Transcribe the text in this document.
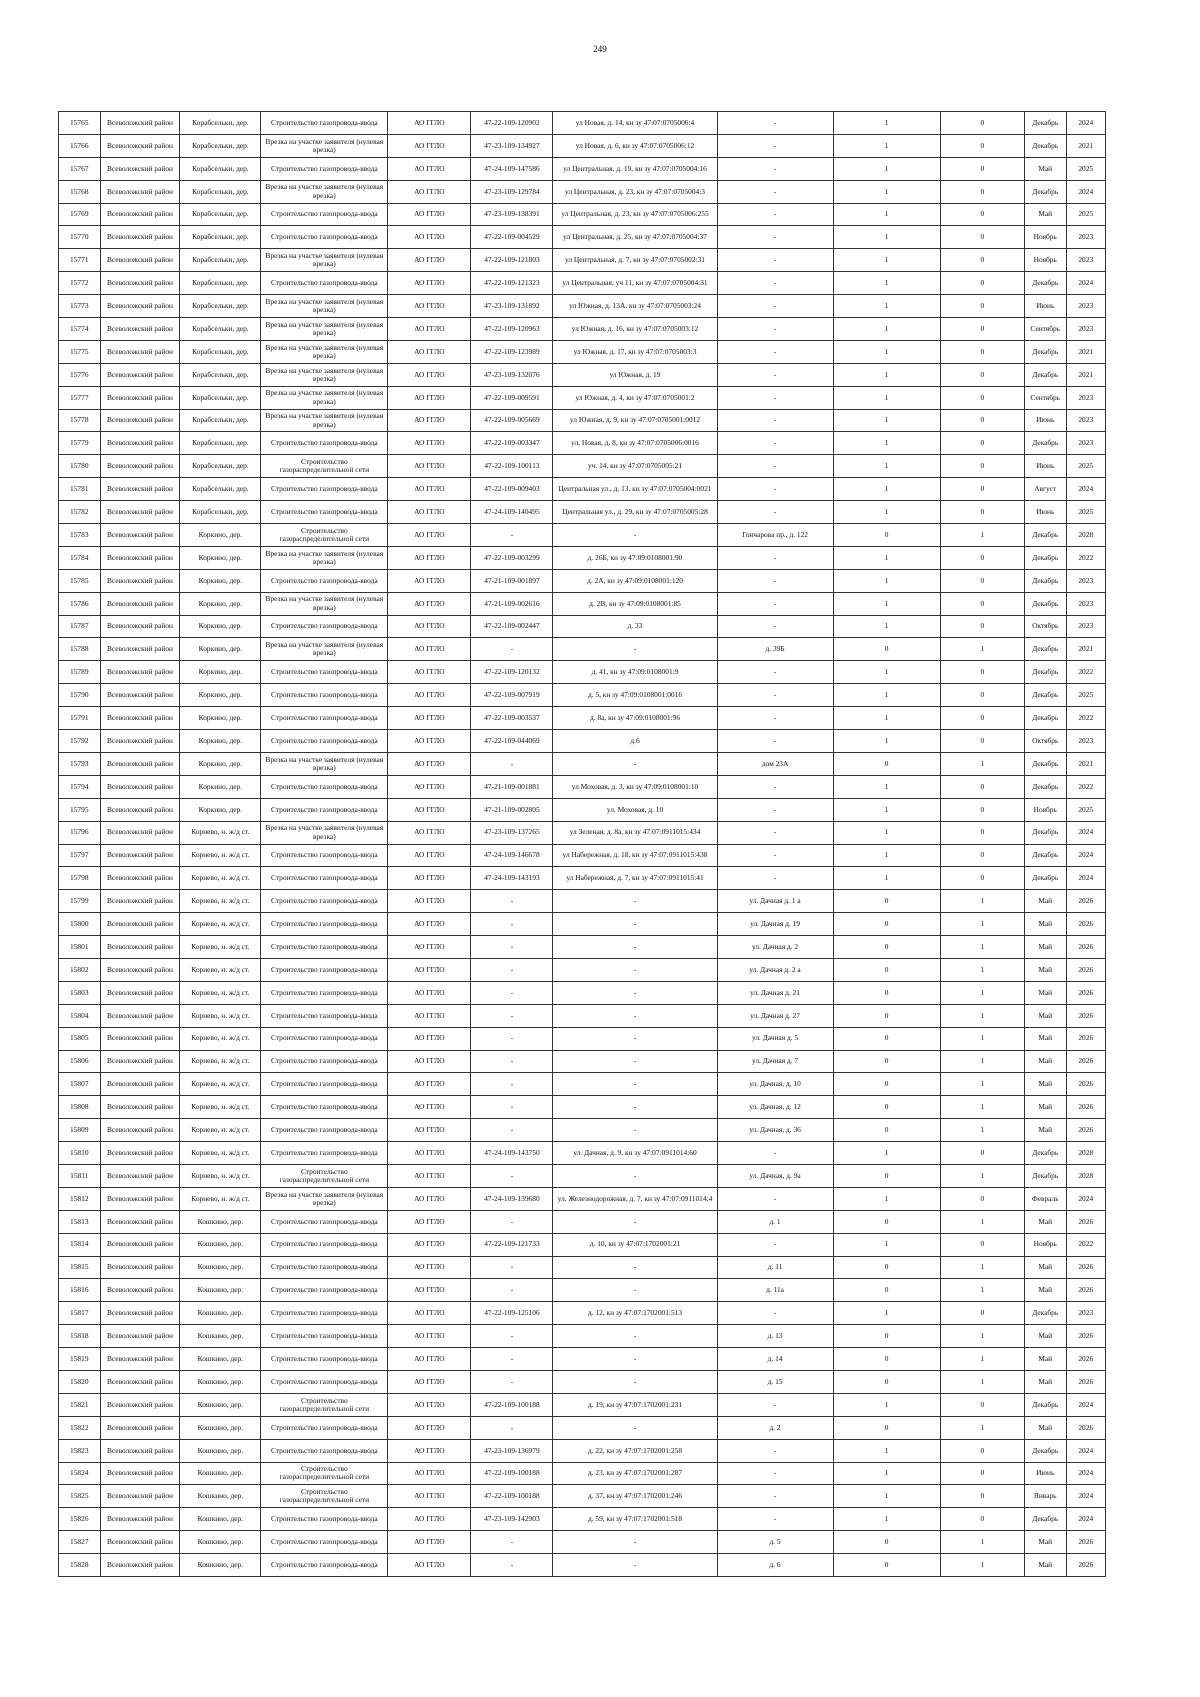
249
15765	Всеволожский район	Корабсельки, дер.	Строительство газопровода-ввода	АО ГГЛО	47-22-109-120902	ул Новая, д. 14, кн зу 47:07:0705006:4	-	1	0	Декабрь	2024
15766	Всеволожский район	Корабсельки, дер.	Врезка на участке заявителя (нулевая врезка)	АО ГГЛО	47-23-109-134927	ул Новая, д. 6, кн зу 47:07:0705006:12	-	1	0	Декабрь	2021
15767	Всеволожский район	Корабсельки, дер.	Строительство газопровода-ввода	АО ГГЛО	47-24-109-147586	ул Центральная, д. 19, кн зу 47:07:0705004:16	-	1	0	Май	2025
15768	Всеволожский район	Корабсельки, дер.	Врезка на участке заявителя (нулевая врезка)	АО ГГЛО	47-23-109-129784	ул Центральная, д. 23, кн зу 47:07:0705004:3	-	1	0	Декабрь	2024
15769	Всеволожский район	Корабсельки, дер.	Строительство газопровода-ввода	АО ГГЛО	47-23-109-138391	ул Центральная, д. 23, кн зу 47:07:0705006:255	-	1	0	Май	2025
15770	Всеволожский район	Корабсельки, дер.	Строительство газопровода-ввода	АО ГГЛО	47-22-109-004529	ул Центральная, д. 25, кн зу 47:07:0705004:37	-	1	0	Ноябрь	2023
15771	Всеволожский район	Корабсельки, дер.	Врезка на участке заявителя (нулевая врезка)	АО ГГЛО	47-22-109-121803	ул Центральная, д. 7, кн зу 47:07:0705002:31	-	1	0	Ноябрь	2023
15772	Всеволожский район	Корабсельки, дер.	Строительство газопровода-ввода	АО ГГЛО	47-22-109-121323	ул Центральная, уч 11, кн зу 47:07:0705004:31	-	1	0	Декабрь	2024
15773	Всеволожский район	Корабсельки, дер.	Врезка на участке заявителя (нулевая врезка)	АО ГГЛО	47-23-109-131892	ул Южная, д. 13А, кн зу 47:07:0705003:24	-	1	0	Июнь	2023
15774	Всеволожский район	Корабсельки, дер.	Врезка на участке заявителя (нулевая врезка)	АО ГГЛО	47-22-109-120963	ул Южная, д. 16, кн зу 47:07:0705003:12	-	1	0	Сентябрь	2023
15775	Всеволожский район	Корабсельки, дер.	Врезка на участке заявителя (нулевая врезка)	АО ГГЛО	47-22-109-123989	ул Южная, д. 17, кн зу 47:07:0705003:3	-	1	0	Декабрь	2021
15776	Всеволожский район	Корабсельки, дер.	Врезка на участке заявителя (нулевая врезка)	АО ГГЛО	47-23-109-132076	ул Южная, д. 19	-	1	0	Декабрь	2021
15777	Всеволожский район	Корабсельки, дер.	Врезка на участке заявителя (нулевая врезка)	АО ГГЛО	47-22-109-009591	ул Южная, д. 4, кн зу 47:07:0705001:2	-	1	0	Сентябрь	2023
15778	Всеволожский район	Корабсельки, дер.	Врезка на участке заявителя (нулевая врезка)	АО ГГЛО	47-22-109-005669	ул Южная, д. 9, кн зу 47:07:0705001:0012	-	1	0	Июнь	2023
15779	Всеволожский район	Корабсельки, дер.	Строительство газопровода-ввода	АО ГГЛО	47-22-109-003347	ул. Новая, д. 8, кн зу 47:07:0705006:0016	-	1	0	Декабрь	2023
15780	Всеволожский район	Корабсельки, дер.	Строительство газораспределительной сети	АО ГГЛО	47-22-109-100113	уч. 14, кн зу 47:07:0705005:21	-	1	0	Июнь	2025
15781	Всеволожский район	Корабсельки, дер.	Строительство газопровода-ввода	АО ГГЛО	47-22-109-009403	Центральная ул., д. 13, кн зу 47:07:0705004:0021	-	1	0	Август	2024
15782	Всеволожский район	Корабсельки, дер.	Строительство газопровода-ввода	АО ГГЛО	47-24-109-140495	Центральная ул., д. 29, кн зу 47:07:0705005:28	-	1	0	Июнь	2025
15783	Всеволожский район	Коркино, дер.	Строительство газораспределительной сети	АО ГГЛО	-	-	Гончарова пр., д. 122	0	1	Декабрь	2028
15784	Всеволожский район	Коркино, дер.	Врезка на участке заявителя (нулевая врезка)	АО ГГЛО	47-22-109-003299	д. 26Б, кн зу 47:09:0108001:90	-	1	0	Декабрь	2022
15785	Всеволожский район	Коркино, дер.	Строительство газопровода-ввода	АО ГГЛО	47-21-109-001897	д. 2А, кн зу 47:09:0108001:120	-	1	0	Декабрь	2023
15786	Всеволожский район	Коркино, дер.	Врезка на участке заявителя (нулевая врезка)	АО ГГЛО	47-21-109-002616	д. 2В, кн зу 47:09:0108001:85	-	1	0	Декабрь	2023
15787	Всеволожский район	Коркино, дер.	Строительство газопровода-ввода	АО ГГЛО	47-22-109-002447	д. 33	-	1	0	Октябрь	2023
15788	Всеволожский район	Коркино, дер.	Врезка на участке заявителя (нулевая врезка)	АО ГГЛО	-	-	д. 39Б	0	1	Декабрь	2021
15789	Всеволожский район	Коркино, дер.	Строительство газопровода-ввода	АО ГГЛО	47-22-109-120132	д. 41, кн зу 47:09:0108001:9	-	1	0	Декабрь	2022
15790	Всеволожский район	Коркино, дер.	Строительство газопровода-ввода	АО ГГЛО	47-22-109-007919	д. 5, кн зу 47:09:0108001:0016	-	1	0	Декабрь	2025
15791	Всеволожский район	Коркино, дер.	Строительство газопровода-ввода	АО ГГЛО	47-22-109-003537	д. 8а, кн зу 47:09:0108001:96	-	1	0	Декабрь	2022
15792	Всеволожский район	Коркино, дер.	Строительство газопровода-ввода	АО ГГЛО	47-22-109-044069	д.6	-	1	0	Октябрь	2023
15793	Всеволожский район	Коркино, дер.	Врезка на участке заявителя (нулевая врезка)	АО ГГЛО	-	-	дом 23А	0	1	Декабрь	2021
15794	Всеволожский район	Коркино, дер.	Строительство газопровода-ввода	АО ГГЛО	47-21-109-001881	ул Моховая, д. 3, кн зу 47:09:0108001:10	-	1	0	Декабрь	2022
15795	Всеволожский район	Коркино, дер.	Строительство газопровода-ввода	АО ГГЛО	47-21-109-002805	ул. Моховая, д. 10	-	1	0	Ноябрь	2025
15796	Всеволожский район	Корнево, н. ж/д ст.	Врезка на участке заявителя (нулевая врезка)	АО ГГЛО	47-23-109-137265	ул Зеленая, д. 8а, кн зу 47:07:0911015:434	-	1	0	Декабрь	2024
15797	Всеволожский район	Корнево, н. ж/д ст.	Строительство газопровода-ввода	АО ГГЛО	47-24-109-146678	ул Набережная, д. 18, кн зу 47:07:0911015:438	-	1	0	Декабрь	2024
15798	Всеволожский район	Корнево, н. ж/д ст.	Строительство газопровода-ввода	АО ГГЛО	47-24-109-143193	ул Набережная, д. 7, кн зу 47:07:0911015:41	-	1	0	Декабрь	2024
15799	Всеволожский район	Корнево, н. ж/д ст.	Строительство газопровода-ввода	АО ГГЛО	-	-	ул. Дачная д. 1 а	0	1	Май	2026
15800	Всеволожский район	Корнево, н. ж/д ст.	Строительство газопровода-ввода	АО ГГЛО	-	-	ул. Дачная д. 19	0	1	Май	2026
15801	Всеволожский район	Корнево, н. ж/д ст.	Строительство газопровода-ввода	АО ГГЛО	-	-	ул. Дачная д. 2	0	1	Май	2026
15802	Всеволожский район	Корнево, н. ж/д ст.	Строительство газопровода-ввода	АО ГГЛО	-	-	ул. Дачная д. 2 а	0	1	Май	2026
15803	Всеволожский район	Корнево, н. ж/д ст.	Строительство газопровода-ввода	АО ГГЛО	-	-	ул. Дачная д. 21	0	1	Май	2026
15804	Всеволожский район	Корнево, н. ж/д ст.	Строительство газопровода-ввода	АО ГГЛО	-	-	ул. Дачная д. 27	0	1	Май	2026
15805	Всеволожский район	Корнево, н. ж/д ст.	Строительство газопровода-ввода	АО ГГЛО	-	-	ул. Дачная д. 5	0	1	Май	2026
15806	Всеволожский район	Корнево, н. ж/д ст.	Строительство газопровода-ввода	АО ГГЛО	-	-	ул. Дачная д. 7	0	1	Май	2026
15807	Всеволожский район	Корнево, н. ж/д ст.	Строительство газопровода-ввода	АО ГГЛО	-	-	ул. Дачная, д. 10	0	1	Май	2026
15808	Всеволожский район	Корнево, н. ж/д ст.	Строительство газопровода-ввода	АО ГГЛО	-	-	ул. Дачная, д. 12	0	1	Май	2026
15809	Всеволожский район	Корнево, н. ж/д ст.	Строительство газопровода-ввода	АО ГГЛО	-	-	ул. Дачная, д. 36	0	1	Май	2026
15810	Всеволожский район	Корнево, н. ж/д ст.	Строительство газопровода-ввода	АО ГГЛО	47-24-109-143750	ул. Дачная, д. 9, кн зу 47:07:0911014:60	-	1	0	Декабрь	2028
15811	Всеволожский район	Корнево, н. ж/д ст.	Строительство газораспределительной сети	АО ГГЛО	-	-	ул. Дачная, д. 9а	0	1	Декабрь	2028
15812	Всеволожский район	Корнево, н. ж/д ст.	Врезка на участке заявителя (нулевая врезка)	АО ГГЛО	47-24-109-139680	ул. Железнодорожная, д. 7, кн зу 47:07:0911014:4	-	1	0	Февраль	2024
15813	Всеволожский район	Кошкино, дер.	Строительство газопровода-ввода	АО ГГЛО	-	-	д. 1	0	1	Май	2026
15814	Всеволожский район	Кошкино, дер.	Строительство газопровода-ввода	АО ГГЛО	47-22-109-121733	д. 10, кн зу 47:07:1702001:21	-	1	0	Ноябрь	2022
15815	Всеволожский район	Кошкино, дер.	Строительство газопровода-ввода	АО ГГЛО	-	-	д. 11	0	1	Май	2026
15816	Всеволожский район	Кошкино, дер.	Строительство газопровода-ввода	АО ГГЛО	-	-	д. 11а	0	1	Май	2026
15817	Всеволожский район	Кошкино, дер.	Строительство газопровода-ввода	АО ГГЛО	47-22-109-125106	д. 12, кн зу 47:07:1702001:513	-	1	0	Декабрь	2023
15818	Всеволожский район	Кошкино, дер.	Строительство газопровода-ввода	АО ГГЛО	-	-	д. 13	0	1	Май	2026
15819	Всеволожский район	Кошкино, дер.	Строительство газопровода-ввода	АО ГГЛО	-	-	д. 14	0	1	Май	2026
15820	Всеволожский район	Кошкино, дер.	Строительство газопровода-ввода	АО ГГЛО	-	-	д. 15	0	1	Май	2026
15821	Всеволожский район	Кошкино, дер.	Строительство газораспределительной сети	АО ГГЛО	47-22-109-100188	д. 19, кн зу 47:07:1702001:231	-	1	0	Декабрь	2024
15822	Всеволожский район	Кошкино, дер.	Строительство газопровода-ввода	АО ГГЛО	-	-	д. 2	0	1	Май	2026
15823	Всеволожский район	Кошкино, дер.	Строительство газопровода-ввода	АО ГГЛО	47-23-109-136979	д. 22, кн зу 47:07:1702001:258	-	1	0	Декабрь	2024
15824	Всеволожский район	Кошкино, дер.	Строительство газораспределительной сети	АО ГГЛО	47-22-109-100188	д. 23, кн зу 47:07:1702001:287	-	1	0	Июнь	2024
15825	Всеволожский район	Кошкино, дер.	Строительство газораспределительной сети	АО ГГЛО	47-22-109-100188	д. 37, кн зу 47:07:1702001:246	-	1	0	Январь	2024
15826	Всеволожский район	Кошкино, дер.	Строительство газопровода-ввода	АО ГГЛО	47-23-109-142903	д. 59, кн зу 47:07:1702001:518	-	1	0	Декабрь	2024
15827	Всеволожский район	Кошкино, дер.	Строительство газопровода-ввода	АО ГГЛО	-	-	д. 5	0	1	Май	2026
15828	Всеволожский район	Кошкино, дер.	Строительство газопровода-ввода	АО ГГЛО	-	-	д. 6	0	1	Май	2026
